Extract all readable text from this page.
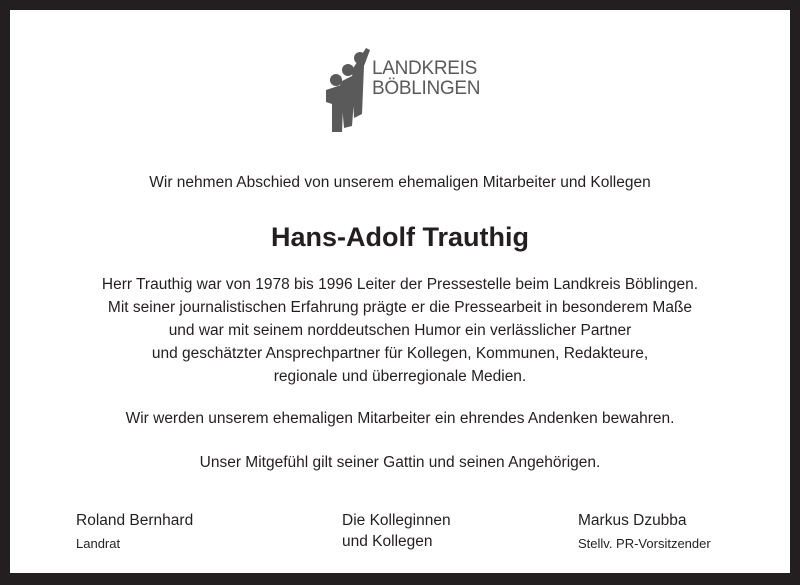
LANDKREIS
BÖBLINGEN
Wir nehmen Abschied von unserem ehemaligen Mitarbeiter und Kollegen
Hans-Adolf Trauthig
Herr Trauthig war von 1978 bis 1996 Leiter der Pressestelle beim Landkreis Böblingen.
Mit seiner journalistischen Erfahrung prägte er die Pressearbeit in besonderem Maße
und war mit seinem norddeutschen Humor ein verlässlicher Partner
und geschätzter Ansprechpartner für Kollegen, Kommunen, Redakteure,
regionale und überregionale Medien.
Wir werden unserem ehemaligen Mitarbeiter ein ehrendes Andenken bewahren.
Unser Mitgefühl gilt seiner Gattin und seinen Angehörigen.
Roland Bernhard
Landrat
Die Kolleginnen
und Kollegen
Markus Dzubba
Stellv. PR-Vorsitzender
